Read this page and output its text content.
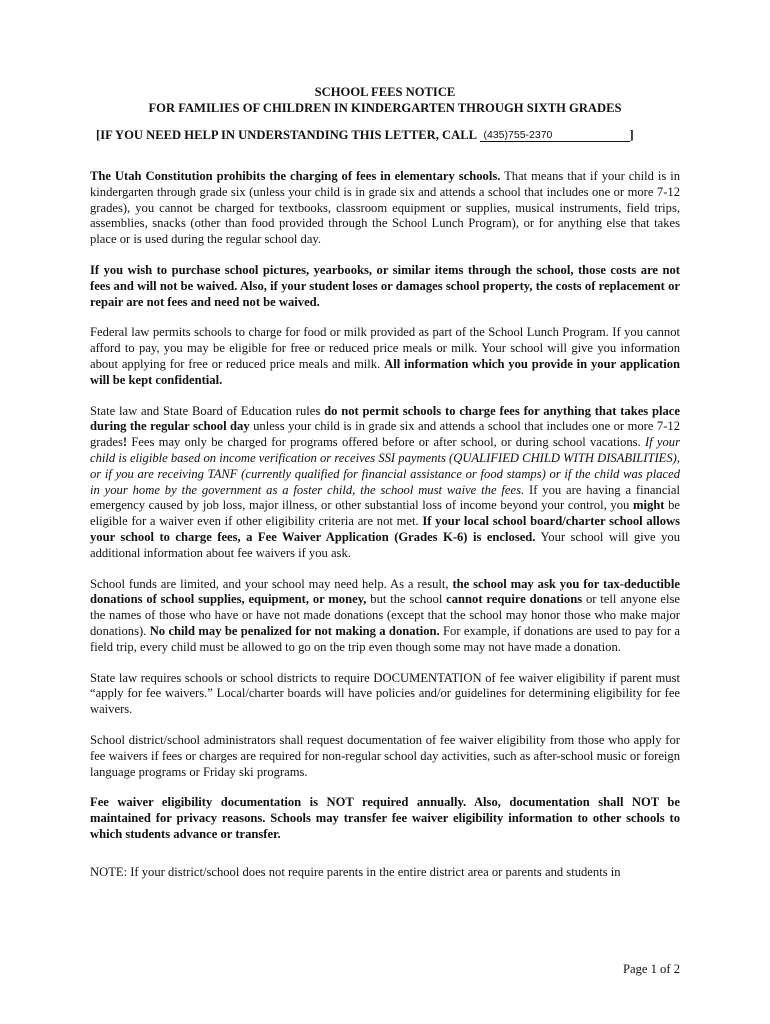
SCHOOL FEES NOTICE
FOR FAMILIES OF CHILDREN IN KINDERGARTEN THROUGH SIXTH GRADES
[IF YOU NEED HELP IN UNDERSTANDING THIS LETTER, CALL (435)755-2370	]

The Utah Constitution prohibits the charging of fees in elementary schools. That means that if your child is in kindergarten through grade six (unless your child is in grade six and attends a school that includes one or more 7-12 grades), you cannot be charged for textbooks, classroom equipment or supplies, musical instruments, field trips, assemblies, snacks (other than food provided through the School Lunch Program), or for anything else that takes place or is used during the regular school day.

If you wish to purchase school pictures, yearbooks, or similar items through the school, those costs are not fees and will not be waived. Also, if your student loses or damages school property, the costs of replacement or repair are not fees and need not be waived.

Federal law permits schools to charge for food or milk provided as part of the School Lunch Program. If you cannot afford to pay, you may be eligible for free or reduced price meals or milk. Your school will give you information about applying for free or reduced price meals and milk. All information which you provide in your application will be kept confidential.

State law and State Board of Education rules do not permit schools to charge fees for anything that takes place during the regular school day unless your child is in grade six and attends a school that includes one or more 7-12 grades! Fees may only be charged for programs offered before or after school, or during school vacations. If your child is eligible based on income verification or receives SSI payments (QUALIFIED CHILD WITH DISABILITIES), or if you are receiving TANF (currently qualified for financial assistance or food stamps) or if the child was placed in your home by the government as a foster child, the school must waive the fees. If you are having a financial emergency caused by job loss, major illness, or other substantial loss of income beyond your control, you might be eligible for a waiver even if other eligibility criteria are not met. If your local school board/charter school allows your school to charge fees, a Fee Waiver Application (Grades K-6) is enclosed. Your school will give you additional information about fee waivers if you ask.

School funds are limited, and your school may need help. As a result, the school may ask you for tax-deductible donations of school supplies, equipment, or money, but the school cannot require donations or tell anyone else the names of those who have or have not made donations (except that the school may honor those who make major donations). No child may be penalized for not making a donation. For example, if donations are used to pay for a field trip, every child must be allowed to go on the trip even though some may not have made a donation.

State law requires schools or school districts to require DOCUMENTATION of fee waiver eligibility if parent must “apply for fee waivers.” Local/charter boards will have policies and/or guidelines for determining eligibility for fee waivers.

School district/school administrators shall request documentation of fee waiver eligibility from those who apply for fee waivers if fees or charges are required for non-regular school day activities, such as after-school music or foreign language programs or Friday ski programs.

Fee waiver eligibility documentation is NOT required annually. Also, documentation shall NOT be maintained for privacy reasons. Schools may transfer fee waiver eligibility information to other schools to which students advance or transfer.

NOTE: If your district/school does not require parents in the entire district area or parents and students in

Page 1 of 2
